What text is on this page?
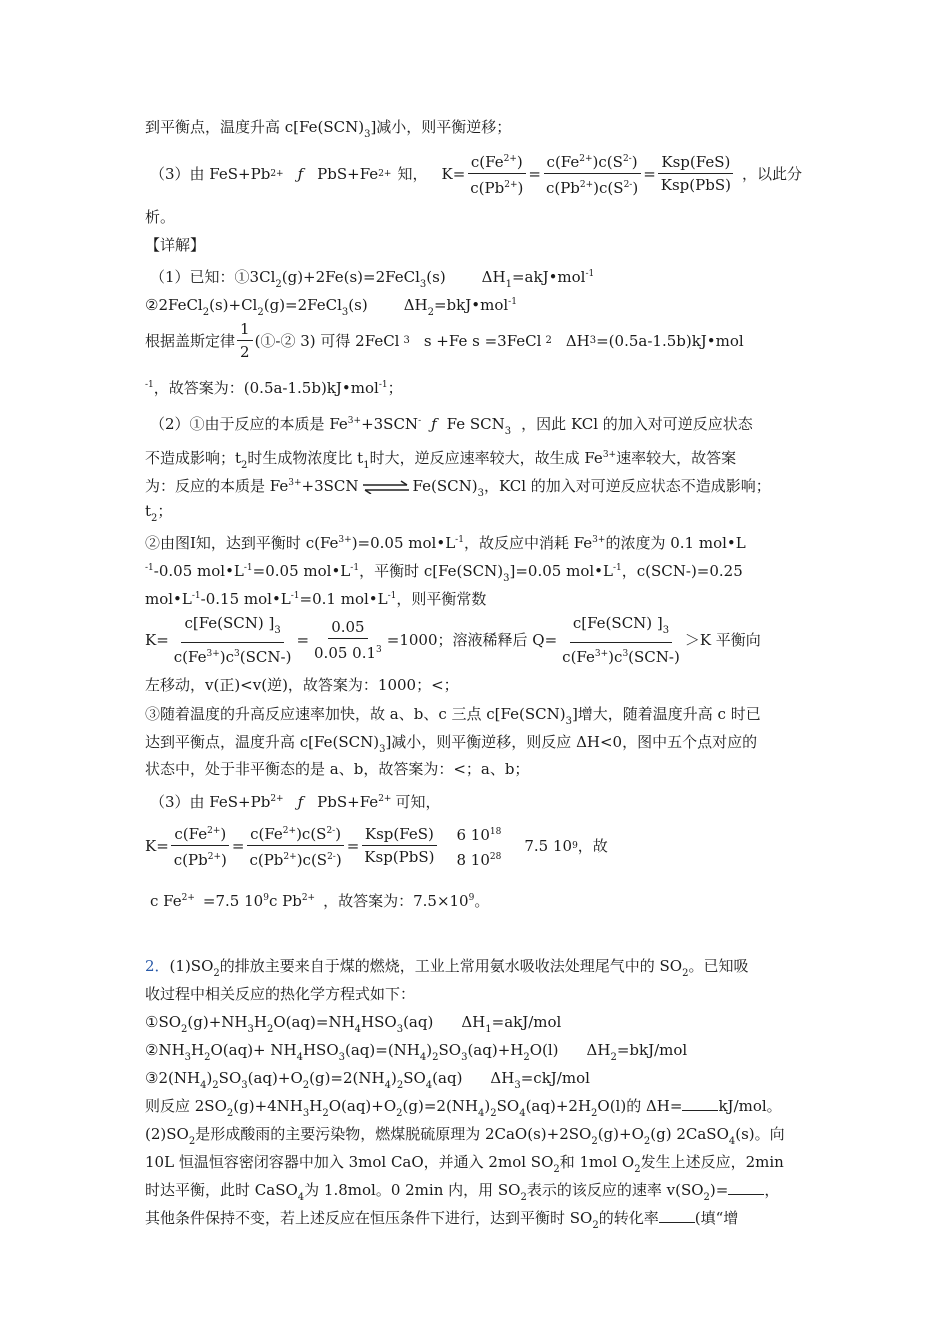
到平衡点，温度升高 $c[Fe(SCN)_3]$减小，则平衡逆移；
（3）由 FeS+Pb 2+ ƒ PbS+Fe 2+ 知， $K= \frac{c(Fe^{2+})}{c(Pb^{2+})} = \frac{c(Fe^{2+})c(S^{2-})}{c(Pb^{2+})c(S^{2-})} = \frac{\text{Ksp(FeS)}}{\text{Ksp(PbS)}}$ ，以此分
析。
【详解】
（1）已知：$①3Cl_2(g)+2Fe(s)=2FeCl_3(s)$ $\Delta H_1=akJ•mol^{-1}$
$②2FeCl_2(s)+Cl_2(g)=2FeCl_3(s)$ $\Delta H_2=bkJ•mol^{-1}$
根据盖斯定律 $\frac{1}{2}$ (①-② 3) 可得 2FeCl 3 s +Fe s =3FeCl 2 ΔH 3 =(0.5a-1.5b)kJ•mol
$^{-1}$，故答案为：(0.5a-1.5b)kJ•mol$^{-1}$；
（2）①由于反应的本质是 $Fe^{3+}+3SCN^-$ ƒ Fe $SCN_3$ ，因此 KCl 的加入对可逆反应状态
不造成影响；$t_2$时生成物浓度比 $t_1$时大，逆反应速率较大，故生成 $Fe^{3+}$速率较大，故答案
为：反应的本质是 $Fe^{3+}+3SCN$ ⇌ $Fe(SCN)_3$，KCl 的加入对可逆反应状态不造成影响；
$t_2$；
②由图Ⅰ知，达到平衡时 $c(Fe^{3+})=0.05$ $mol•L^{-1}$，故反应中消耗 $Fe^{3+}$的浓度为 0.1 mol•L
$^{-1}$-0.05 $mol•L^{-1}=0.05$ $mol•L^{-1}$，平衡时 $c[Fe(SCN)_3]=0.05$ $mol•L^{-1}$，c(SCN-)=0.25
$mol•L^{-1}-0.15$ $mol•L^{-1}=0.1$ $mol•L^{-1}$，则平衡常数
$K= \frac{c[Fe(SCN) ]_3}{c(Fe^{3+})c^3(SCN-)} = \frac{0.05}{0.05 0.1^3} =1000$ ；溶液稀释后 $Q= \frac{c[Fe(SCN) ]_3}{c(Fe^{3+})c^3(SCN-)} >K$ 平衡向
左移动，v(正)<v(逆)，故答案为：1000；<；
③随着温度的升高反应速率加快，故 a、b、c 三点 $c[Fe(SCN)_3]$增大，随着温度升高 c 时已
达到平衡点，温度升高 $c[Fe(SCN)_3]$减小，则平衡逆移，则反应 ΔH<0，图中五个点对应的
状态中，处于非平衡态的是 a、b，故答案为：<；a、b；
（3）由 $FeS+Pb^{2+}$ ƒ $PbS+Fe^{2+}$ 可知，
$K= \frac{c(Fe^{2+})}{c(Pb^{2+})} = \frac{c(Fe^{2+})c(S^{2-})}{c(Pb^{2+})c(S^{2-})} = \frac{\text{Ksp(FeS)}}{\text{Ksp(PbS)}} 6$ $10^{18}$
8 $10^{28}$
7.5 10 9 ，故
c $Fe^{2+} =7.5$ $10^9c$ $Pb^{2+}$ ，故答案为：$7.5\times 10^9$。
2．$(1)SO_2$的排放主要来自于煤的燃烧，工业上常用氨水吸收法处理尾气中的 $SO_2$。已知吸
收过程中相关反应的热化学方程式如下：
$①SO_2(g)+NH_3H_2O(aq)=NH_4HSO_3(aq)$ $\Delta H_1=akJ$/mol
$②NH_3H_2O(aq)+ NH_4HSO_3(aq)=(NH_4)_2SO_3(aq)+H_2O(l)$ $\Delta H_2=bkJ$/mol
$③2(NH_4)_2SO_3(aq)+O_2(g)=2(NH_4)_2SO_4(aq)$ $\Delta H_3=ckJ$/mol
则反应 $2SO_2(g)+4NH_3H_2O(aq)+O_2(g)=2(NH_4)_2SO_4(aq)+2H_2O(l)$的 ΔH= kJ/mol。
$(2)SO_2$是形成酸雨的主要污染物，燃煤脱硫原理为 $2CaO(s)+2SO_2(g)+O_2(g)$ 2CaSO$_4$(s)。向
10L 恒温恒容密闭容器中加入 3mol CaO，并通入 2mol $SO_2$和 1mol $O_2$发生上述反应，2min
时达平衡，此时 CaSO$_4$为 1.8mol。0 2min 内，用 $SO_2$表示的该反应的速率 $v(SO_2)=$ ，
其他条件保持不变，若上述反应在恒压条件下进行，达到平衡时 $SO_2$的转化率 (填“增
